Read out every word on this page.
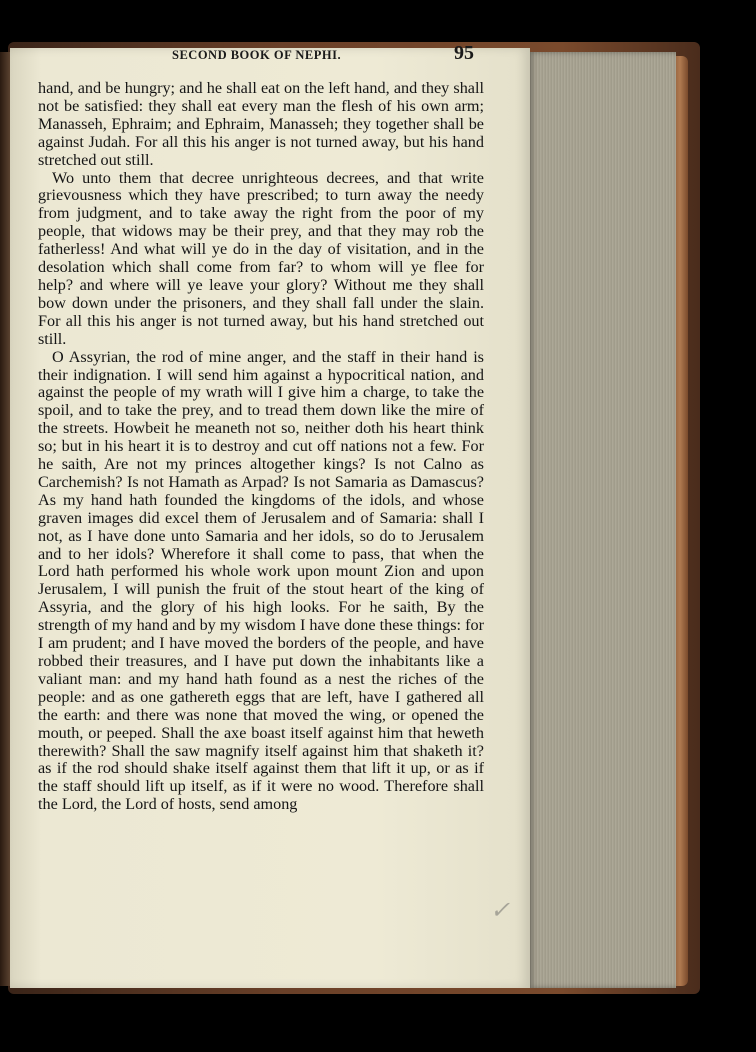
SECOND BOOK OF NEPHI.	95

hand, and be hungry; and he shall eat on the left hand, and they shall not be satisfied: they shall eat every man the flesh of his own arm; Manasseh, Ephraim; and Ephraim, Manasseh; they together shall be against Judah. For all this his anger is not turned away, but his hand stretched out still.

Wo unto them that decree unrighteous decrees, and that write grievousness which they have prescribed; to turn away the needy from judgment, and to take away the right from the poor of my people, that widows may be their prey, and that they may rob the fatherless! And what will ye do in the day of visitation, and in the desolation which shall come from far? to whom will ye flee for help? and where will ye leave your glory? Without me they shall bow down under the prisoners, and they shall fall under the slain. For all this his anger is not turned away, but his hand stretched out still.

O Assyrian, the rod of mine anger, and the staff in their hand is their indignation. I will send him against a hypocritical nation, and against the people of my wrath will I give him a charge, to take the spoil, and to take the prey, and to tread them down like the mire of the streets. Howbeit he meaneth not so, neither doth his heart think so; but in his heart it is to destroy and cut off nations not a few. For he saith, Are not my princes altogether kings? Is not Calno as Carchemish? Is not Hamath as Arpad? Is not Samaria as Damascus? As my hand hath founded the kingdoms of the idols, and whose graven images did excel them of Jerusalem and of Samaria: shall I not, as I have done unto Samaria and her idols, so do to Jerusalem and to her idols? Wherefore it shall come to pass, that when the Lord hath performed his whole work upon mount Zion and upon Jerusalem, I will punish the fruit of the stout heart of the king of Assyria, and the glory of his high looks. For he saith, By the strength of my hand and by my wisdom I have done these things: for I am prudent; and I have moved the borders of the people, and have robbed their treasures, and I have put down the inhabitants like a valiant man: and my hand hath found as a nest the riches of the people: and as one gathereth eggs that are left, have I gathered all the earth: and there was none that moved the wing, or opened the mouth, or peeped. Shall the axe boast itself against him that heweth therewith? Shall the saw magnify itself against him that shaketh it? as if the rod should shake itself against them that lift it up, or as if the staff should lift up itself, as if it were no wood. Therefore shall the Lord, the Lord of hosts, send among

✓
